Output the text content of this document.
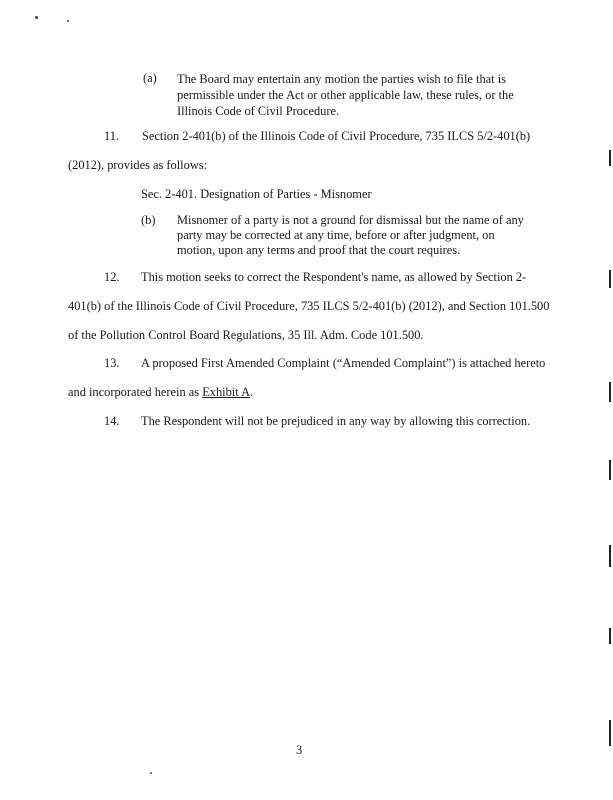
(a) The Board may entertain any motion the parties wish to file that is permissible under the Act or other applicable law, these rules, or the Illinois Code of Civil Procedure.
11. Section 2-401(b) of the Illinois Code of Civil Procedure, 735 ILCS 5/2-401(b)
(2012), provides as follows:
Sec. 2-401. Designation of Parties - Misnomer
(b) Misnomer of a party is not a ground for dismissal but the name of any party may be corrected at any time, before or after judgment, on motion, upon any terms and proof that the court requires.
12. This motion seeks to correct the Respondent's name, as allowed by Section 2-
401(b) of the Illinois Code of Civil Procedure, 735 ILCS 5/2-401(b) (2012), and Section 101.500
of the Pollution Control Board Regulations, 35 Ill. Adm. Code 101.500.
13. A proposed First Amended Complaint (“Amended Complaint”) is attached hereto
and incorporated herein as Exhibit A.
14. The Respondent will not be prejudiced in any way by allowing this correction.
3
